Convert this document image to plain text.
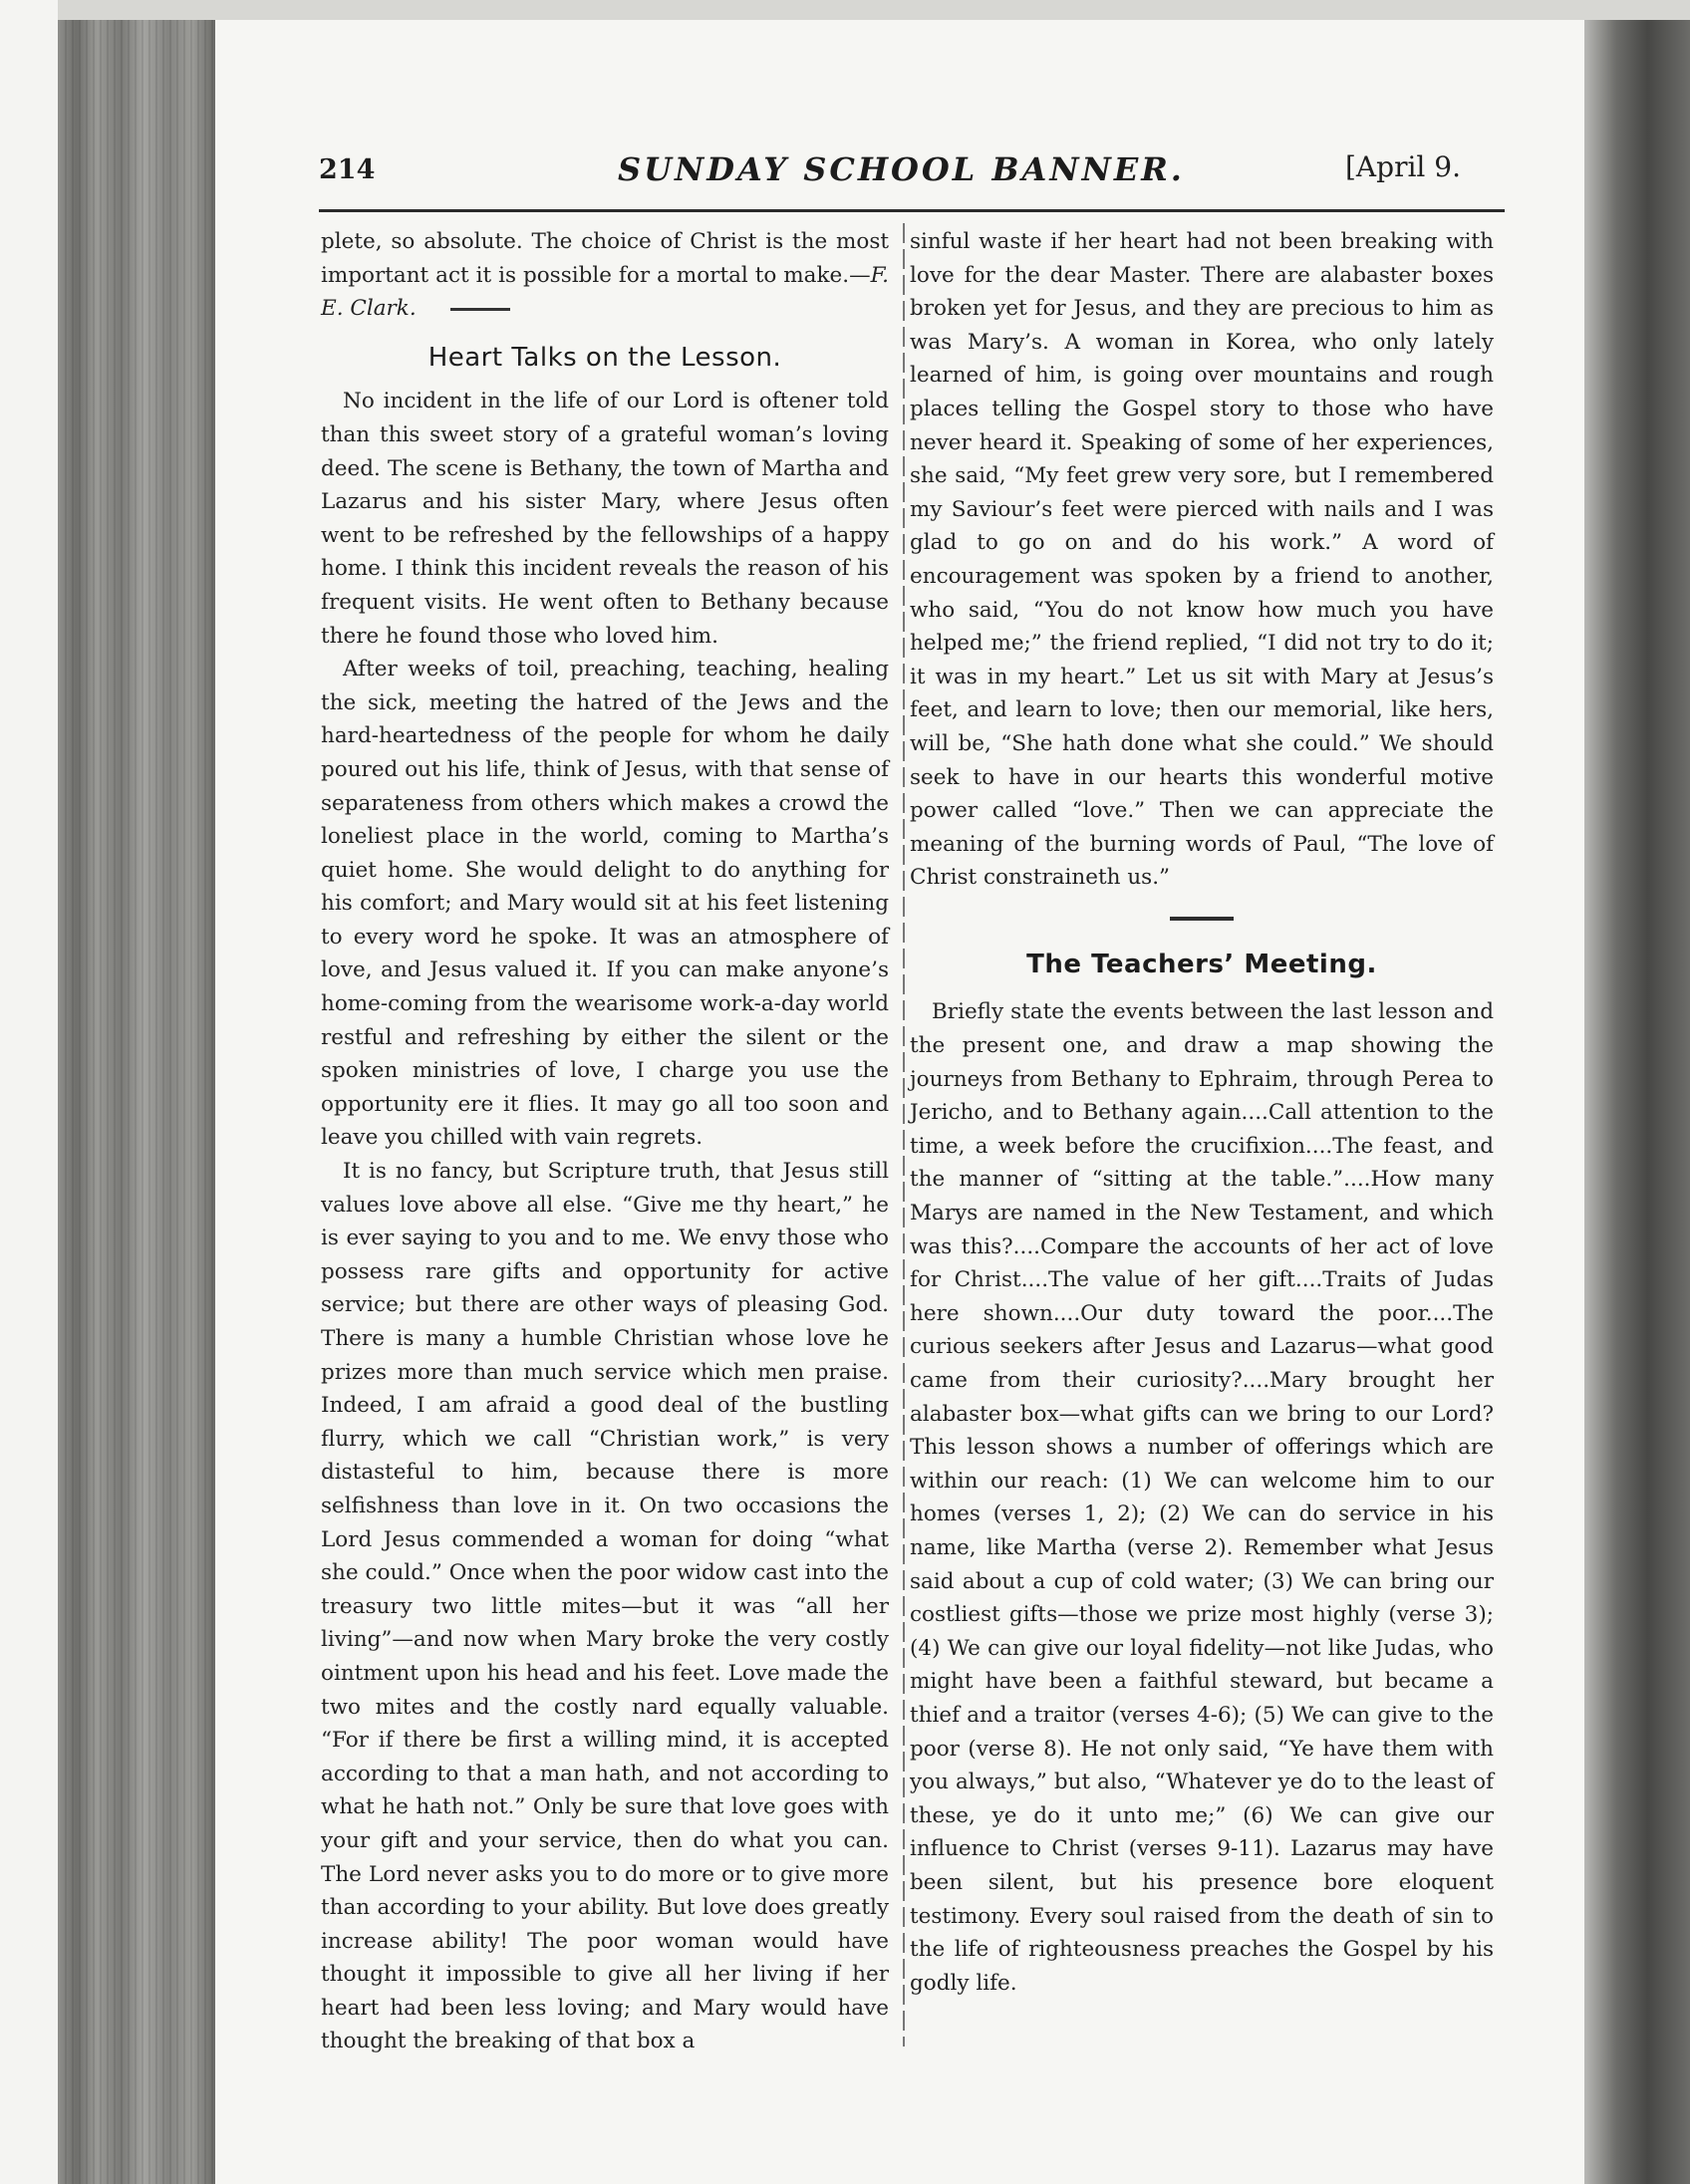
214	SUNDAY SCHOOL BANNER.	[April 9.

plete, so absolute. The choice of Christ is the most important act it is possible for a mortal to make.—F. E. Clark.

Heart Talks on the Lesson.

No incident in the life of our Lord is oftener told than this sweet story of a grateful woman’s loving deed. The scene is Bethany, the town of Martha and Lazarus and his sister Mary, where Jesus often went to be refreshed by the fellowships of a happy home. I think this incident reveals the reason of his frequent visits. He went often to Bethany because there he found those who loved him.

After weeks of toil, preaching, teaching, healing the sick, meeting the hatred of the Jews and the hard-heartedness of the people for whom he daily poured out his life, think of Jesus, with that sense of separateness from others which makes a crowd the loneliest place in the world, coming to Martha’s quiet home. She would delight to do anything for his comfort; and Mary would sit at his feet listening to every word he spoke. It was an atmosphere of love, and Jesus valued it. If you can make anyone’s home-coming from the wearisome work-a-day world restful and refreshing by either the silent or the spoken ministries of love, I charge you use the opportunity ere it flies. It may go all too soon and leave you chilled with vain regrets.

It is no fancy, but Scripture truth, that Jesus still values love above all else. “Give me thy heart,” he is ever saying to you and to me. We envy those who possess rare gifts and opportunity for active service; but there are other ways of pleasing God. There is many a humble Christian whose love he prizes more than much service which men praise. Indeed, I am afraid a good deal of the bustling flurry, which we call “Christian work,” is very distasteful to him, because there is more selfishness than love in it. On two occasions the Lord Jesus commended a woman for doing “what she could.” Once when the poor widow cast into the treasury two little mites—but it was “all her living”—and now when Mary broke the very costly ointment upon his head and his feet. Love made the two mites and the costly nard equally valuable. “For if there be first a willing mind, it is accepted according to that a man hath, and not according to what he hath not.” Only be sure that love goes with your gift and your service, then do what you can. The Lord never asks you to do more or to give more than according to your ability. But love does greatly increase ability! The poor woman would have thought it impossible to give all her living if her heart had been less loving; and Mary would have thought the breaking of that box a

sinful waste if her heart had not been breaking with love for the dear Master. There are alabaster boxes broken yet for Jesus, and they are precious to him as was Mary’s. A woman in Korea, who only lately learned of him, is going over mountains and rough places telling the Gospel story to those who have never heard it. Speaking of some of her experiences, she said, “My feet grew very sore, but I remembered my Saviour’s feet were pierced with nails and I was glad to go on and do his work.” A word of encouragement was spoken by a friend to another, who said, “You do not know how much you have helped me;” the friend replied, “I did not try to do it; it was in my heart.” Let us sit with Mary at Jesus’s feet, and learn to love; then our memorial, like hers, will be, “She hath done what she could.” We should seek to have in our hearts this wonderful motive power called “love.” Then we can appreciate the meaning of the burning words of Paul, “The love of Christ constraineth us.”

The Teachers’ Meeting.

Briefly state the events between the last lesson and the present one, and draw a map showing the journeys from Bethany to Ephraim, through Perea to Jericho, and to Bethany again....Call attention to the time, a week before the crucifixion....The feast, and the manner of “sitting at the table.”....How many Marys are named in the New Testament, and which was this?....Compare the accounts of her act of love for Christ....The value of her gift....Traits of Judas here shown....Our duty toward the poor....The curious seekers after Jesus and Lazarus—what good came from their curiosity?....Mary brought her alabaster box—what gifts can we bring to our Lord? This lesson shows a number of offerings which are within our reach: (1) We can welcome him to our homes (verses 1, 2); (2) We can do service in his name, like Martha (verse 2). Remember what Jesus said about a cup of cold water; (3) We can bring our costliest gifts—those we prize most highly (verse 3); (4) We can give our loyal fidelity—not like Judas, who might have been a faithful steward, but became a thief and a traitor (verses 4-6); (5) We can give to the poor (verse 8). He not only said, “Ye have them with you always,” but also, “Whatever ye do to the least of these, ye do it unto me;” (6) We can give our influence to Christ (verses 9-11). Lazarus may have been silent, but his presence bore eloquent testimony. Every soul raised from the death of sin to the life of righteousness preaches the Gospel by his godly life.
